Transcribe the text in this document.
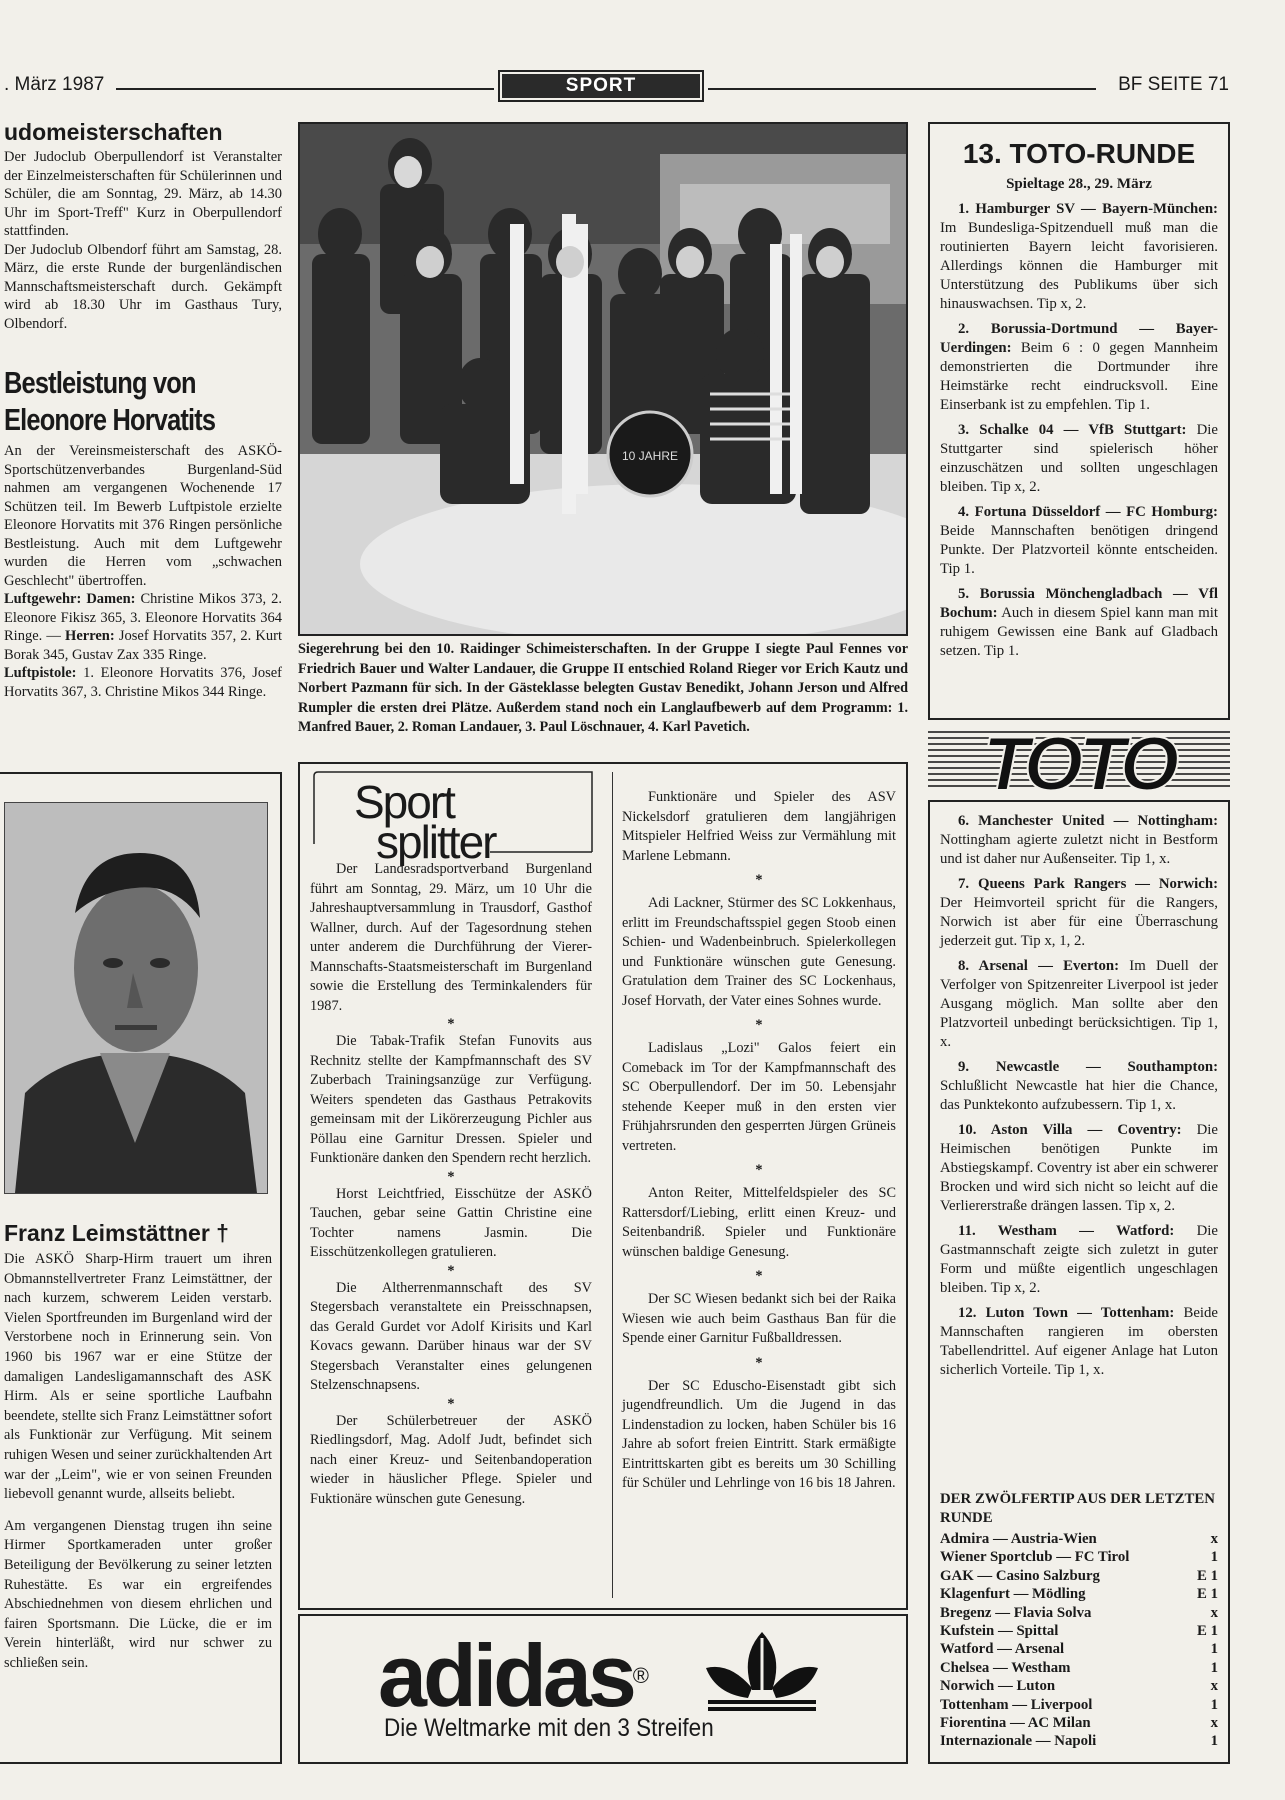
. März 1987	SPORT	BF SEITE 71
udomeisterschaften

Der Judoclub Oberpullendorf ist Veranstalter der Einzelmeisterschaften für Schülerinnen und Schüler, die am Sonntag, 29. März, ab 14.30 Uhr im Sport-Treff" Kurz in Oberpullendorf stattfinden.

Der Judoclub Olbendorf führt am Samstag, 28. März, die erste Runde der burgenländischen Mannschaftsmeisterschaft durch. Gekämpft wird ab 18.30 Uhr im Gasthaus Tury, Olbendorf.

Bestleistung von
Eleonore Horvatits

An der Vereinsmeisterschaft des ASKÖ-Sportschützenverbandes Burgenland-Süd nahmen am vergangenen Wochenende 17 Schützen teil. Im Bewerb Luftpistole erzielte Eleonore Horvatits mit 376 Ringen persönliche Bestleistung. Auch mit dem Luftgewehr wurden die Herren vom „schwachen Geschlecht" übertroffen.

Luftgewehr: Damen: Christine Mikos 373, 2. Eleonore Fikisz 365, 3. Eleonore Horvatits 364 Ringe. — Herren: Josef Horvatits 357, 2. Kurt Borak 345, Gustav Zax 335 Ringe.

Luftpistole: 1. Eleonore Horvatits 376, Josef Horvatits 367, 3. Christine Mikos 344 Ringe.

10 JAHRE
Siegerehrung bei den 10. Raidinger Schimeisterschaften. In der Gruppe I siegte Paul Fennes vor Friedrich Bauer und Walter Landauer, die Gruppe II entschied Roland Rieger vor Erich Kautz und Norbert Pazmann für sich. In der Gästeklasse belegten Gustav Benedikt, Johann Jerson und Alfred Rumpler die ersten drei Plätze. Außerdem stand noch ein Langlaufbewerb auf dem Programm: 1. Manfred Bauer, 2. Roman Landauer, 3. Paul Löschnauer, 4. Karl Pavetich.
Franz Leimstättner †

Die ASKÖ Sharp-Hirm trauert um ihren Obmannstellvertreter Franz Leimstättner, der nach kurzem, schwerem Leiden verstarb. Vielen Sportfreunden im Burgenland wird der Verstorbene noch in Erinnerung sein. Von 1960 bis 1967 war er eine Stütze der damaligen Landesligamannschaft des ASK Hirm. Als er seine sportliche Laufbahn beendete, stellte sich Franz Leimstättner sofort als Funktionär zur Verfügung. Mit seinem ruhigen Wesen und seiner zurückhaltenden Art war der „Leim", wie er von seinen Freunden liebevoll genannt wurde, allseits beliebt.

Am vergangenen Dienstag trugen ihn seine Hirmer Sportkameraden unter großer Beteiligung der Bevölkerung zu seiner letzten Ruhestätte. Es war ein ergreifendes Abschiednehmen von diesem ehrlichen und fairen Sportsmann. Die Lücke, die er im Verein hinterläßt, wird nur schwer zu schließen sein.

Sport
splitter

Der Landesradsportverband Burgenland führt am Sonntag, 29. März, um 10 Uhr die Jahreshauptversammlung in Trausdorf, Gasthof Wallner, durch. Auf der Tagesordnung stehen unter anderem die Durchführung der Vierer-Mannschafts-Staatsmeisterschaft im Burgenland sowie die Erstellung des Terminkalenders für 1987.

*

Die Tabak-Trafik Stefan Funovits aus Rechnitz stellte der Kampfmannschaft des SV Zuberbach Trainingsanzüge zur Verfügung. Weiters spendeten das Gasthaus Petrakovits gemeinsam mit der Likörerzeugung Pichler aus Pöllau eine Garnitur Dressen. Spieler und Funktionäre danken den Spendern recht herzlich.

*

Horst Leichtfried, Eisschütze der ASKÖ Tauchen, gebar seine Gattin Christine eine Tochter namens Jasmin. Die Eisschützenkollegen gratulieren.

*

Die Altherrenmannschaft des SV Stegersbach veranstaltete ein Preisschnapsen, das Gerald Gurdet vor Adolf Kirisits und Karl Kovacs gewann. Darüber hinaus war der SV Stegersbach Veranstalter eines gelungenen Stelzenschnapsens.

*

Der Schülerbetreuer der ASKÖ Riedlingsdorf, Mag. Adolf Judt, befindet sich nach einer Kreuz- und Seitenbandoperation wieder in häuslicher Pflege. Spieler und Fuktionäre wünschen gute Genesung.

Funktionäre und Spieler des ASV Nickelsdorf gratulieren dem langjährigen Mitspieler Helfried Weiss zur Vermählung mit Marlene Lebmann.

*

Adi Lackner, Stürmer des SC Lokkenhaus, erlitt im Freundschaftsspiel gegen Stoob einen Schien- und Wadenbeinbruch. Spielerkollegen und Funktionäre wünschen gute Genesung. Gratulation dem Trainer des SC Lockenhaus, Josef Horvath, der Vater eines Sohnes wurde.

*

Ladislaus „Lozi" Galos feiert ein Comeback im Tor der Kampfmannschaft des SC Oberpullendorf. Der im 50. Lebensjahr stehende Keeper muß in den ersten vier Frühjahrsrunden den gesperrten Jürgen Grüneis vertreten.

*

Anton Reiter, Mittelfeldspieler des SC Rattersdorf/Liebing, erlitt einen Kreuz- und Seitenbandriß. Spieler und Funktionäre wünschen baldige Genesung.

*

Der SC Wiesen bedankt sich bei der Raika Wiesen wie auch beim Gasthaus Ban für die Spende einer Garnitur Fußballdressen.

*

Der SC Eduscho-Eisenstadt gibt sich jugendfreundlich. Um die Jugend in das Lindenstadion zu locken, haben Schüler bis 16 Jahre ab sofort freien Eintritt. Stark ermäßigte Eintrittskarten gibt es bereits um 30 Schilling für Schüler und Lehrlinge von 16 bis 18 Jahren.

adidas®
Die Weltmarke mit den 3 Streifen
13. TOTO-RUNDE
Spieltage 28., 29. März

1. Hamburger SV — Bayern-München: Im Bundesliga-Spitzenduell muß man die routinierten Bayern leicht favorisieren. Allerdings können die Hamburger mit Unterstützung des Publikums über sich hinauswachsen. Tip x, 2.

2. Borussia-Dortmund — Bayer-Uerdingen: Beim 6 : 0 gegen Mannheim demonstrierten die Dortmunder ihre Heimstärke recht eindrucksvoll. Eine Einserbank ist zu empfehlen. Tip 1.

3. Schalke 04 — VfB Stuttgart: Die Stuttgarter sind spielerisch höher einzuschätzen und sollten ungeschlagen bleiben. Tip x, 2.

4. Fortuna Düsseldorf — FC Homburg: Beide Mannschaften benötigen dringend Punkte. Der Platzvorteil könnte entscheiden. Tip 1.

5. Borussia Mönchengladbach — Vfl Bochum: Auch in diesem Spiel kann man mit ruhigem Gewissen eine Bank auf Gladbach setzen. Tip 1.

TOTO

6. Manchester United — Nottingham: Nottingham agierte zuletzt nicht in Bestform und ist daher nur Außenseiter. Tip 1, x.

7. Queens Park Rangers — Norwich: Der Heimvorteil spricht für die Rangers, Norwich ist aber für eine Überraschung jederzeit gut. Tip x, 1, 2.

8. Arsenal — Everton: Im Duell der Verfolger von Spitzenreiter Liverpool ist jeder Ausgang möglich. Man sollte aber den Platzvorteil unbedingt berücksichtigen. Tip 1, x.

9. Newcastle — Southampton: Schlußlicht Newcastle hat hier die Chance, das Punktekonto aufzubessern. Tip 1, x.

10. Aston Villa — Coventry: Die Heimischen benötigen Punkte im Abstiegskampf. Coventry ist aber ein schwerer Brocken und wird sich nicht so leicht auf die Verliererstraße drängen lassen. Tip x, 2.

11. Westham — Watford: Die Gastmannschaft zeigte sich zuletzt in guter Form und müßte eigentlich ungeschlagen bleiben. Tip x, 2.

12. Luton Town — Tottenham: Beide Mannschaften rangieren im obersten Tabellendrittel. Auf eigener Anlage hat Luton sicherlich Vorteile. Tip 1, x.

DER ZWÖLFERTIP AUS DER LETZTEN RUNDE
Admira — Austria-Wien	x
Wiener Sportclub — FC Tirol	1
GAK — Casino Salzburg	E 1
Klagenfurt — Mödling	E 1
Bregenz — Flavia Solva	x
Kufstein — Spittal	E 1
Watford — Arsenal	1
Chelsea — Westham	1
Norwich — Luton	x
Tottenham — Liverpool	1
Fiorentina — AC Milan	x
Internazionale — Napoli	1
